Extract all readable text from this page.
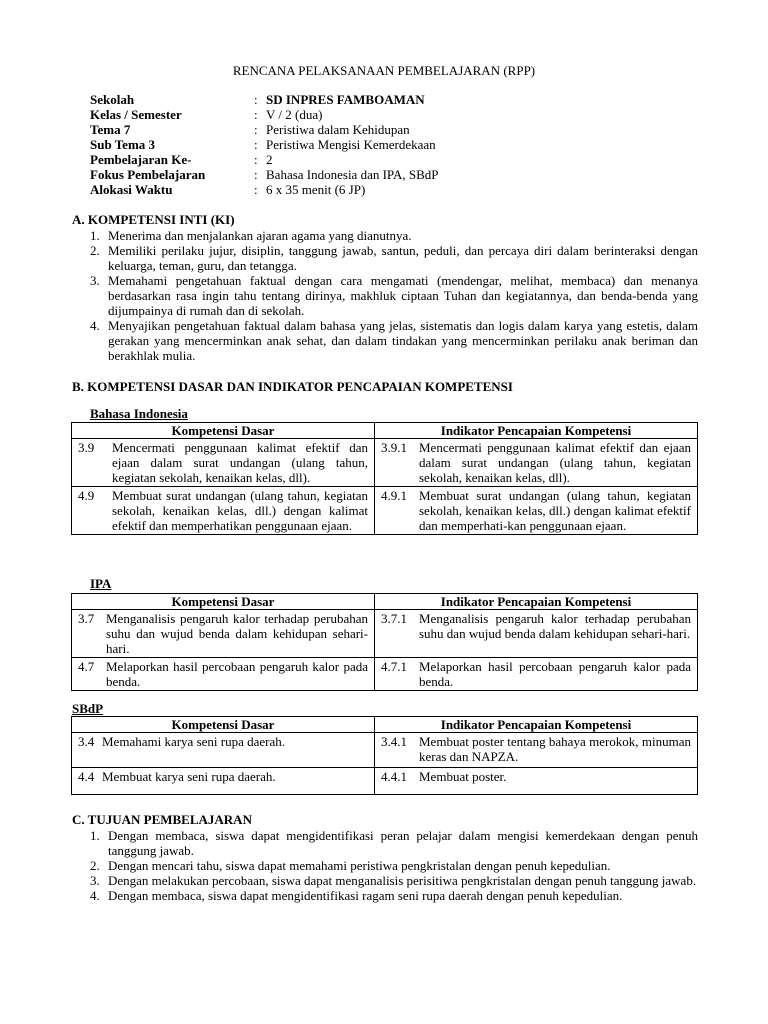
RENCANA PELAKSANAAN PEMBELAJARAN (RPP)
Sekolah	:	SD INPRES FAMBOAMAN
Kelas / Semester	:	V / 2 (dua)
Tema 7	:	Peristiwa dalam Kehidupan
Sub Tema 3	:	Peristiwa Mengisi Kemerdekaan
Pembelajaran Ke-	:	2
Fokus Pembelajaran	:	Bahasa Indonesia dan IPA, SBdP
Alokasi Waktu	:	6 x 35 menit (6 JP)
A. KOMPETENSI INTI (KI)
1. Menerima dan menjalankan ajaran agama yang dianutnya.
2. Memiliki perilaku jujur, disiplin, tanggung jawab, santun, peduli, dan percaya diri dalam berinteraksi dengan keluarga, teman, guru, dan tetangga.
3. Memahami pengetahuan faktual dengan cara mengamati (mendengar, melihat, membaca) dan menanya berdasarkan rasa ingin tahu tentang dirinya, makhluk ciptaan Tuhan dan kegiatannya, dan benda-benda yang dijumpainya di rumah dan di sekolah.
4. Menyajikan pengetahuan faktual dalam bahasa yang jelas, sistematis dan logis dalam karya yang estetis, dalam gerakan yang mencerminkan anak sehat, dan dalam tindakan yang mencerminkan perilaku anak beriman dan berakhlak mulia.
B. KOMPETENSI DASAR DAN INDIKATOR PENCAPAIAN KOMPETENSI
Bahasa Indonesia
Kompetensi Dasar	Indikator Pencapaian Kompetensi

3.9 Mencermati penggunaan kalimat efektif dan ejaan dalam surat undangan (ulang tahun, kegiatan sekolah, kenaikan kelas, dll).	3.9.1 Mencermati penggunaan kalimat efektif dan ejaan dalam surat undangan (ulang tahun, kegiatan sekolah, kenaikan kelas, dll).

4.9 Membuat surat undangan (ulang tahun, kegiatan sekolah, kenaikan kelas, dll.) dengan kalimat efektif dan memperhatikan penggunaan ejaan.	4.9.1 Membuat surat undangan (ulang tahun, kegiatan sekolah, kenaikan kelas, dll.) dengan kalimat efektif dan memperhati-kan penggunaan ejaan.
IPA
Kompetensi Dasar	Indikator Pencapaian Kompetensi

3.7 Menganalisis pengaruh kalor terhadap perubahan suhu dan wujud benda dalam kehidupan sehari-hari.	3.7.1 Menganalisis pengaruh kalor terhadap perubahan suhu dan wujud benda dalam kehidupan sehari-hari.

4.7 Melaporkan hasil percobaan pengaruh kalor pada benda.	4.7.1 Melaporkan hasil percobaan pengaruh kalor pada benda.
SBdP
Kompetensi Dasar	Indikator Pencapaian Kompetensi

3.4 Memahami karya seni rupa daerah.	3.4.1 Membuat poster tentang bahaya merokok, minuman keras dan NAPZA.

4.4 Membuat karya seni rupa daerah.	4.4.1 Membuat poster.
C. TUJUAN PEMBELAJARAN
1. Dengan membaca, siswa dapat mengidentifikasi peran pelajar dalam mengisi kemerdekaan dengan penuh tanggung jawab.
2. Dengan mencari tahu, siswa dapat memahami peristiwa pengkristalan dengan penuh kepedulian.
3. Dengan melakukan percobaan, siswa dapat menganalisis perisitiwa pengkristalan dengan penuh tanggung jawab.
4. Dengan membaca, siswa dapat mengidentifikasi ragam seni rupa daerah dengan penuh kepedulian.
